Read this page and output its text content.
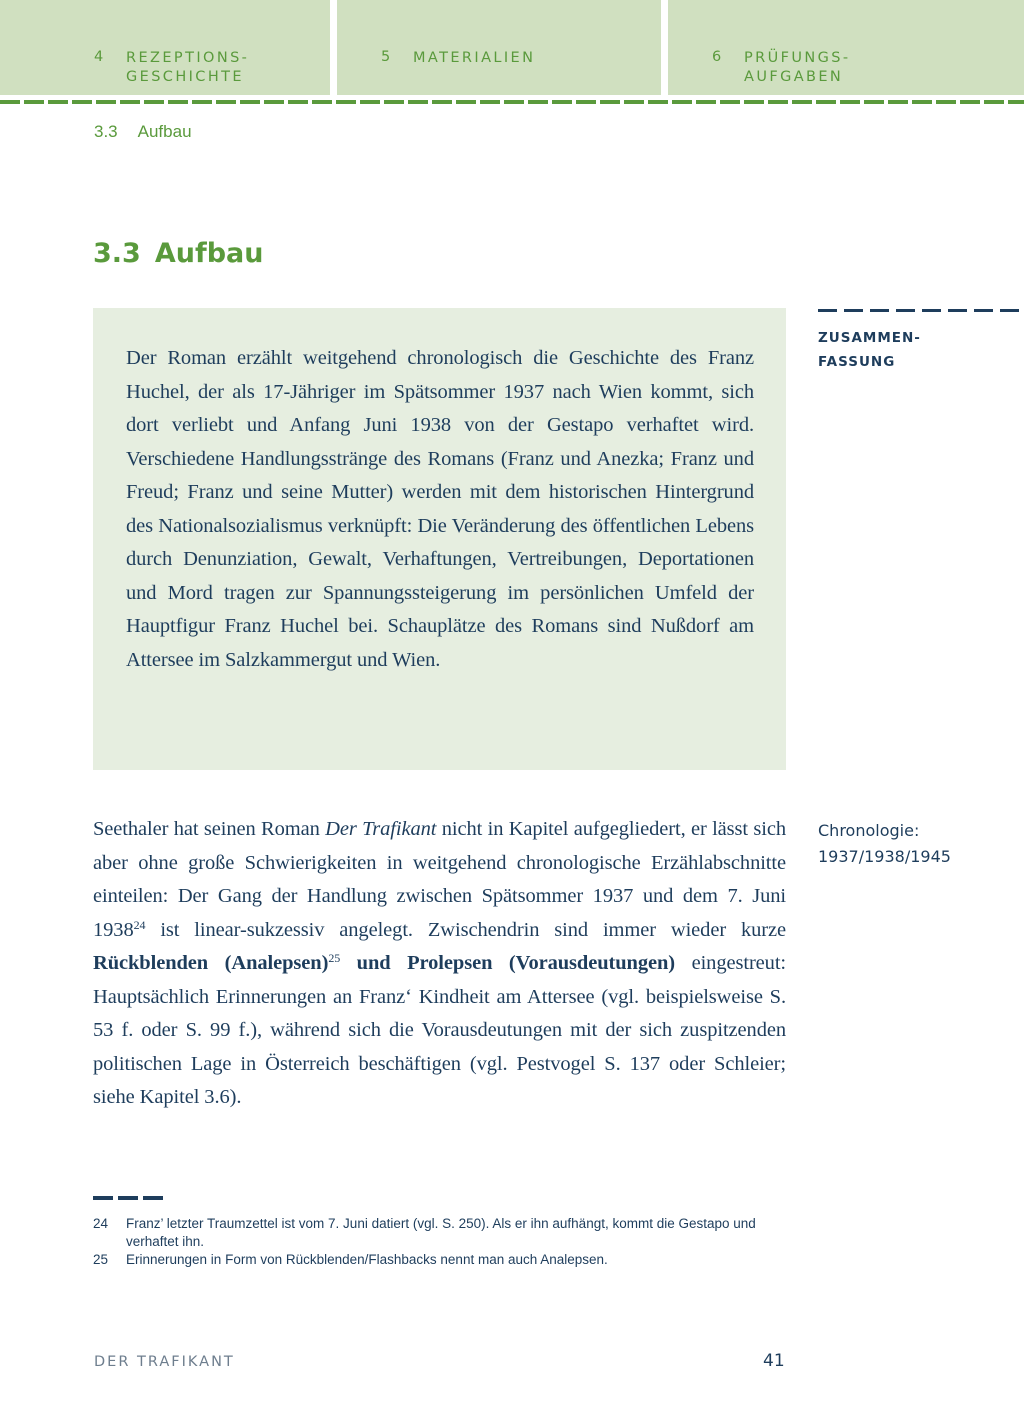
4 REZEPTIONS-
GESCHICHTE
5 MATERIALIEN	6 PRÜFUNGS-
AUFGABEN
3.3 Aufbau
3.3 Aufbau

Der Roman erzählt weitgehend chronologisch die Geschichte des Franz Huchel, der als 17-Jähriger im Spätsommer 1937 nach Wien kommt, sich dort verliebt und Anfang Juni 1938 von der Gestapo verhaftet wird. Verschiedene Handlungsstränge des Romans (Franz und Anezka; Franz und Freud; Franz und seine Mutter) werden mit dem historischen Hintergrund des Nationalsozialismus verknüpft: Die Veränderung des öffentlichen Lebens durch Denunziation, Gewalt, Verhaftungen, Vertreibungen, Deportationen und Mord tragen zur Spannungssteigerung im persönlichen Umfeld der Hauptfigur Franz Huchel bei. Schauplätze des Romans sind Nußdorf am Attersee im Salzkammergut und Wien.

ZUSAMMEN-
FASSUNG

Seethaler hat seinen Roman Der Trafikant nicht in Kapitel aufgegliedert, er lässt sich aber ohne große Schwierigkeiten in weitgehend chronologische Erzählabschnitte einteilen: Der Gang der Handlung zwischen Spätsommer 1937 und dem 7. Juni 1938$^{24}$ ist linear-sukzessiv angelegt. Zwischendrin sind immer wieder kurze Rückblenden (Analepsen)$^{25}$ und Prolepsen (Vorausdeutungen) eingestreut: Hauptsächlich Erinnerungen an Franz‘ Kindheit am Attersee (vgl. beispielsweise S. 53 f. oder S. 99 f.), während sich die Vorausdeutungen mit der sich zuspitzenden politischen Lage in Österreich beschäftigen (vgl. Pestvogel S. 137 oder Schleier; siehe Kapitel 3.6).

Chronologie:
1937/1938/1945
24	Franz’ letzter Traumzettel ist vom 7. Juni datiert (vgl. S. 250). Als er ihn aufhängt, kommt die Gestapo und verhaftet ihn.
25	Erinnerungen in Form von Rückblenden/Flashbacks nennt man auch Analepsen.
DER TRAFIKANT	41
